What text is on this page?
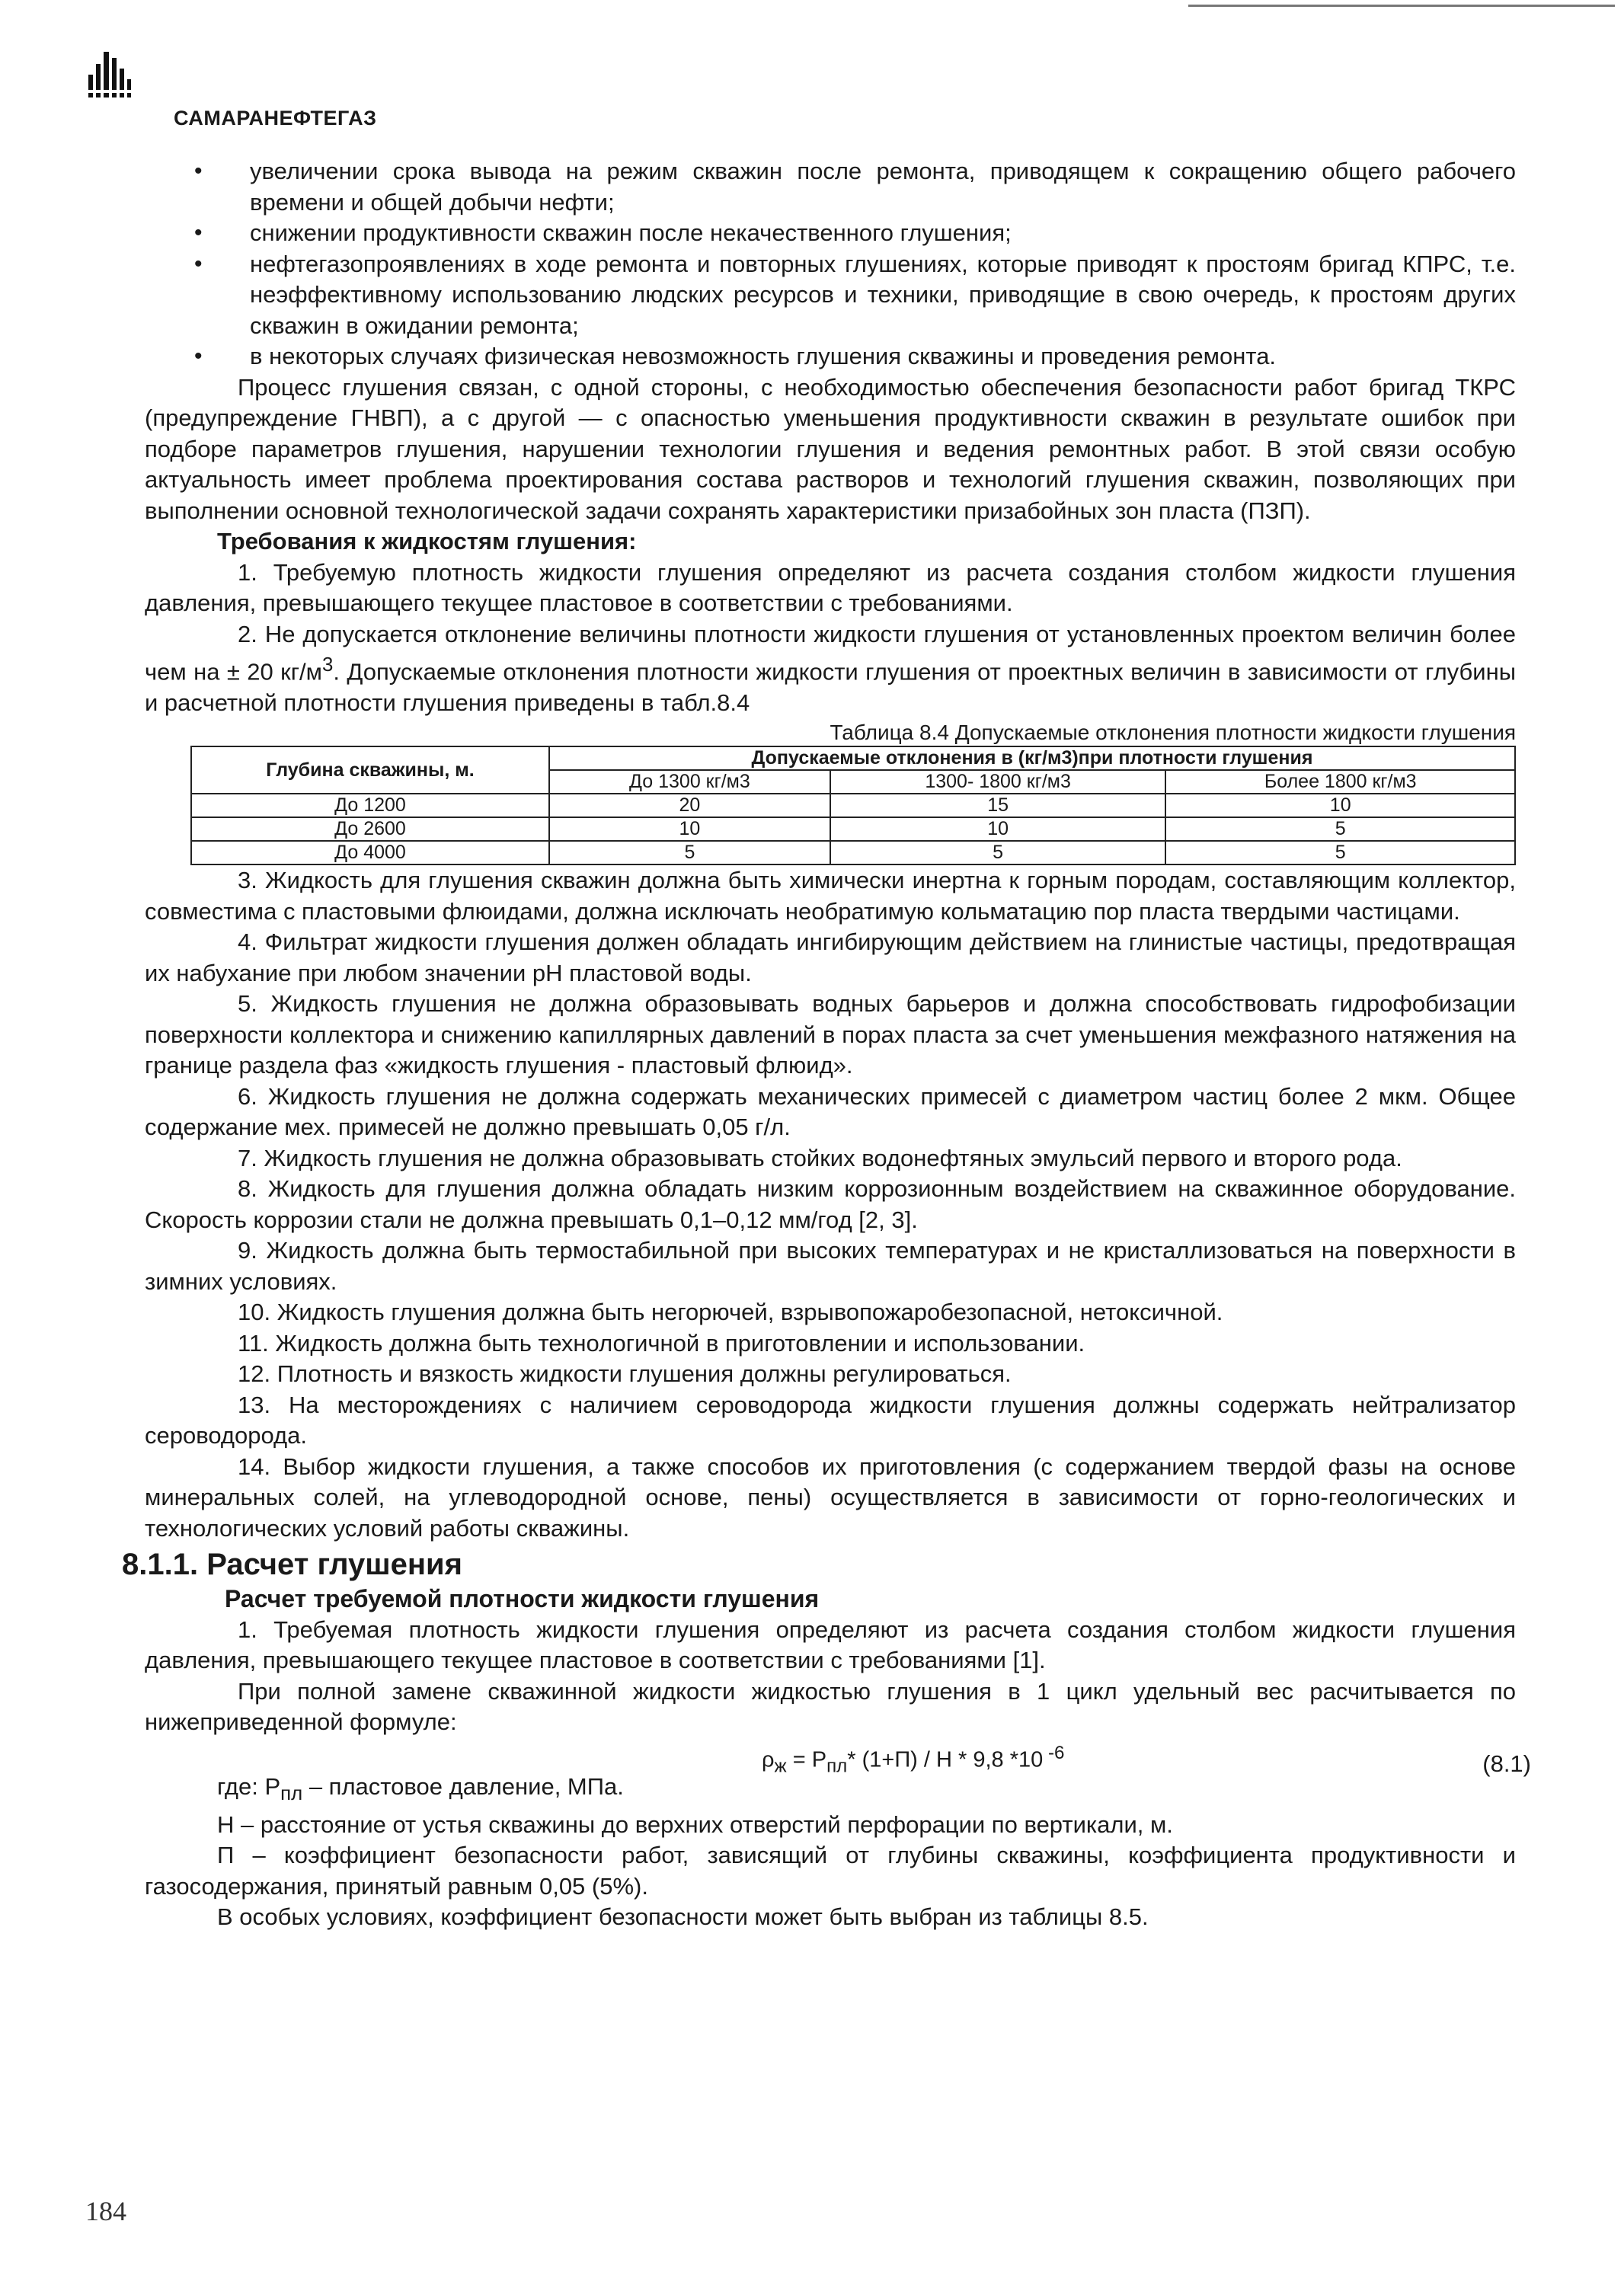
САМАРАНЕФТЕГАЗ
• увеличении срока вывода на режим скважин после ремонта, приводящем к сокращению общего рабочего времени и общей добычи нефти;
• снижении продуктивности скважин после некачественного глушения;
• нефтегазопроявлениях в ходе ремонта и повторных глушениях, которые приводят к простоям бригад КПРС, т.е. неэффективному использованию людских ресурсов и техники, приводящие в свою очередь, к простоям других скважин в ожидании ремонта;
• в некоторых случаях физическая невозможность глушения скважины и проведения ремонта.

Процесс глушения связан, с одной стороны, с необходимостью обеспечения безопасности работ бригад ТКРС (предупреждение ГНВП), а с другой — с опасностью уменьшения продуктивности скважин в результате ошибок при подборе параметров глушения, нарушении технологии глушения и ведения ремонтных работ. В этой связи особую актуальность имеет проблема проектирования состава растворов и технологий глушения скважин, позволяющих при выполнении основной технологической задачи сохранять характеристики призабойных зон пласта (ПЗП).

Требования к жидкостям глушения:

1. Требуемую плотность жидкости глушения определяют из расчета создания столбом жидкости глушения давления, превышающего текущее пластовое в соответствии с требованиями.

2. Не допускается отклонение величины плотности жидкости глушения от установленных проектом величин более чем на ± 20 $кг/м^3$. Допускаемые отклонения плотности жидкости глушения от проектных величин в зависимости от глубины и расчетной плотности глушения приведены в табл.8.4

Таблица 8.4 Допускаемые отклонения плотности жидкости глушения

Глубина скважины, м.	Допускаемые отклонения в (кг/м3)при плотности глушения		
	До 1300 кг/м3	1300- 1800 кг/м3	Более 1800 кг/м3
До 1200	20	15	10
До 2600	10	10	5
До 4000	5	5	5

3. Жидкость для глушения скважин должна быть химически инертна к горным породам, составляющим коллектор, совместима с пластовыми флюидами, должна исключать необратимую кольматацию пор пласта твердыми частицами.

4. Фильтрат жидкости глушения должен обладать ингибирующим действием на глинистые частицы, предотвращая их набухание при любом значении pH пластовой воды.

5. Жидкость глушения не должна образовывать водных барьеров и должна способствовать гидрофобизации поверхности коллектора и снижению капиллярных давлений в порах пласта за счет уменьшения межфазного натяжения на границе раздела фаз «жидкость глушения - пластовый флюид».

6. Жидкость глушения не должна содержать механических примесей с диаметром частиц более 2 мкм. Общее содержание мех. примесей не должно превышать 0,05 г/л.

7. Жидкость глушения не должна образовывать стойких водонефтяных эмульсий первого и второго рода.

8. Жидкость для глушения должна обладать низким коррозионным воздействием на скважинное оборудование. Скорость коррозии стали не должна превышать 0,1–0,12 мм/год [2, 3].

9. Жидкость должна быть термостабильной при высоких температурах и не кристаллизоваться на поверхности в зимних условиях.

10. Жидкость глушения должна быть негорючей, взрывопожаробезопасной, нетоксичной.

11. Жидкость должна быть технологичной в приготовлении и использовании.

12. Плотность и вязкость жидкости глушения должны регулироваться.

13. На месторождениях с наличием сероводорода жидкости глушения должны содержать нейтрализатор сероводорода.

14. Выбор жидкости глушения, а также способов их приготовления (с содержанием твердой фазы на основе минеральных солей, на углеводородной основе, пены) осуществляется в зависимости от горно-геологических и технологических условий работы скважины.

8.1.1. Расчет глушения

Расчет требуемой плотности жидкости глушения

1. Требуемая плотность жидкости глушения определяют из расчета создания столбом жидкости глушения давления, превышающего текущее пластовое в соответствии с требованиями [1].

При полной замене скважинной жидкости жидкостью глушения в 1 цикл удельный вес расчитывается по нижеприведенной формуле:

$\rho_ж = Р_{пл}*$ (1+П) / Н * 9,8 *10 $^{-6}$	(8.1)

где: $Р_{пл}$ – пластовое давление, МПа.

Н – расстояние от устья скважины до верхних отверстий перфорации по вертикали, м.

П – коэффициент безопасности работ, зависящий от глубины скважины, коэффициента продуктивности и газосодержания, принятый равным 0,05 (5%).

В особых условиях, коэффициент безопасности может быть выбран из таблицы 8.5.

184
